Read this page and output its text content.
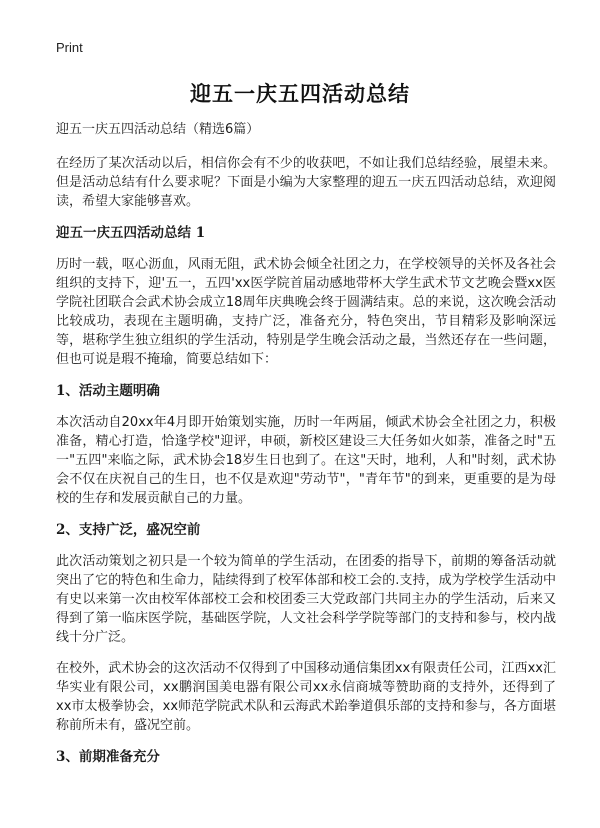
Print
迎五一庆五四活动总结
迎五一庆五四活动总结（精选6篇）

在经历了某次活动以后，相信你会有不少的收获吧，不如让我们总结经验，展望未来。但是活动总结有什么要求呢？下面是小编为大家整理的迎五一庆五四活动总结，欢迎阅读，希望大家能够喜欢。

迎五一庆五四活动总结 1

历时一载，呕心沥血，风雨无阻，武术协会倾全社团之力，在学校领导的关怀及各社会组织的支持下，迎'五一，五四'xx医学院首届动感地带杯大学生武术节文艺晚会暨xx医学院社团联合会武术协会成立18周年庆典晚会终于圆满结束。总的来说，这次晚会活动比较成功，表现在主题明确，支持广泛，准备充分，特色突出，节目精彩及影响深远等，堪称学生独立组织的学生活动，特别是学生晚会活动之最，当然还存在一些问题，但也可说是瑕不掩瑜，简要总结如下：

1、活动主题明确

本次活动自20xx年4月即开始策划实施，历时一年两届，倾武术协会全社团之力，积极准备，精心打造，恰逢学校"迎评，申硕，新校区建设三大任务如火如荼，准备之时"五一"五四"来临之际，武术协会18岁生日也到了。在这"天时，地利，人和"时刻，武术协会不仅在庆祝自己的生日，也不仅是欢迎"劳动节"，"青年节"的到来，更重要的是为母校的生存和发展贡献自己的力量。

2、支持广泛，盛况空前

此次活动策划之初只是一个较为简单的学生活动，在团委的指导下，前期的筹备活动就突出了它的特色和生命力，陆续得到了校军体部和校工会的.支持，成为学校学生活动中有史以来第一次由校军体部校工会和校团委三大党政部门共同主办的学生活动，后来又得到了第一临床医学院，基础医学院，人文社会科学学院等部门的支持和参与，校内战线十分广泛。

在校外，武术协会的这次活动不仅得到了中国移动通信集团xx有限责任公司，江西xx汇华实业有限公司，xx鹏润国美电器有限公司xx永信商城等赞助商的支持外，还得到了xx市太极拳协会，xx师范学院武术队和云海武术跆拳道俱乐部的支持和参与，各方面堪称前所未有，盛况空前。

3、前期准备充分
